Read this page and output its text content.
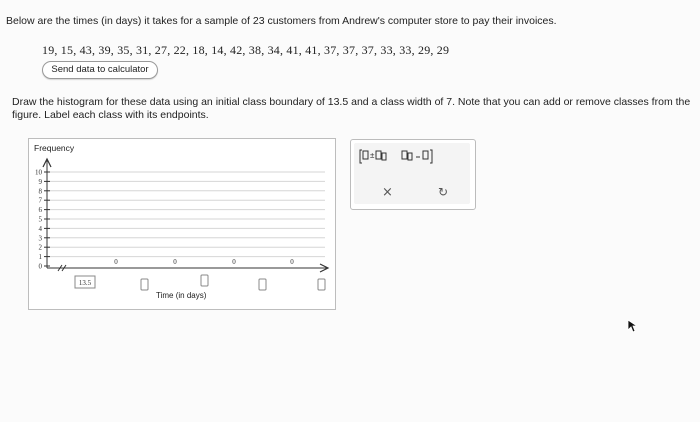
Below are the times (in days) it takes for a sample of 23 customers from Andrew's computer store to pay their invoices.
19, 15, 43, 39, 35, 31, 27, 22, 18, 14, 42, 38, 34, 41, 41, 37, 37, 37, 33, 33, 29, 29
Send data to calculator
Draw the histogram for these data using an initial class boundary of 13.5 and a class width of 7. Note that you can add or remove classes from the figure. Label each class with its endpoints.
Frequency
0
1
2
3
4
5
6
7
8
9
10
0	0	0	0
13.5
Time (in days)
±
×	↻
